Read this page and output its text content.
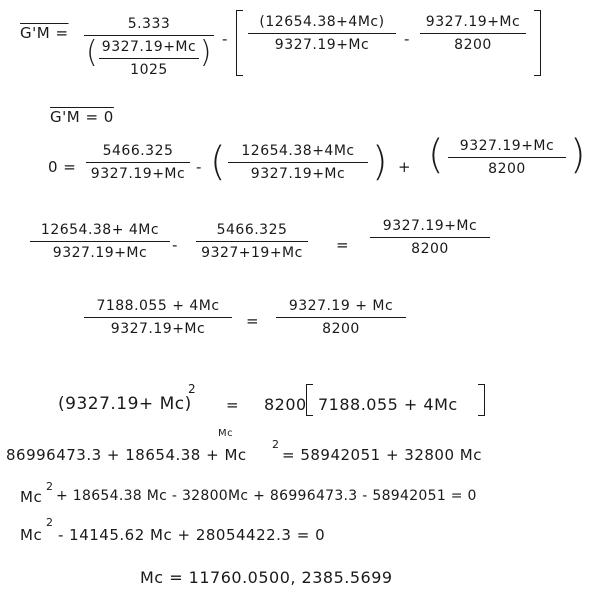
G'M =	5.333
( 9327.19+Mc
1025	) -
(12654.38+4Mc)
9327.19+Mc	-
9327.19+Mc
8200
G'M = 0
0 =
5466.325
9327.19+Mc - (	12654.38+4Mc
9327.19+Mc ) + (	9327.19+Mc
8200	)
12654.38+ 4Mc
9327.19+Mc	-
5466.325
9327+19+Mc	=
9327.19+Mc
8200
7188.055 + 4Mc
9327.19+Mc	=
9327.19 + Mc
8200
(9327.19+ Mc)
2
= 8200 7188.055 + 4Mc
86996473.3 + 18654.38 + Mc
Mc
2
= 58942051 + 32800 Mc
Mc
2
+ 18654.38 Mc - 32800Mc + 86996473.3 - 58942051 = 0
Mc
2
- 14145.62 Mc + 28054422.3 = 0
Mc = 11760.0500, 2385.5699
